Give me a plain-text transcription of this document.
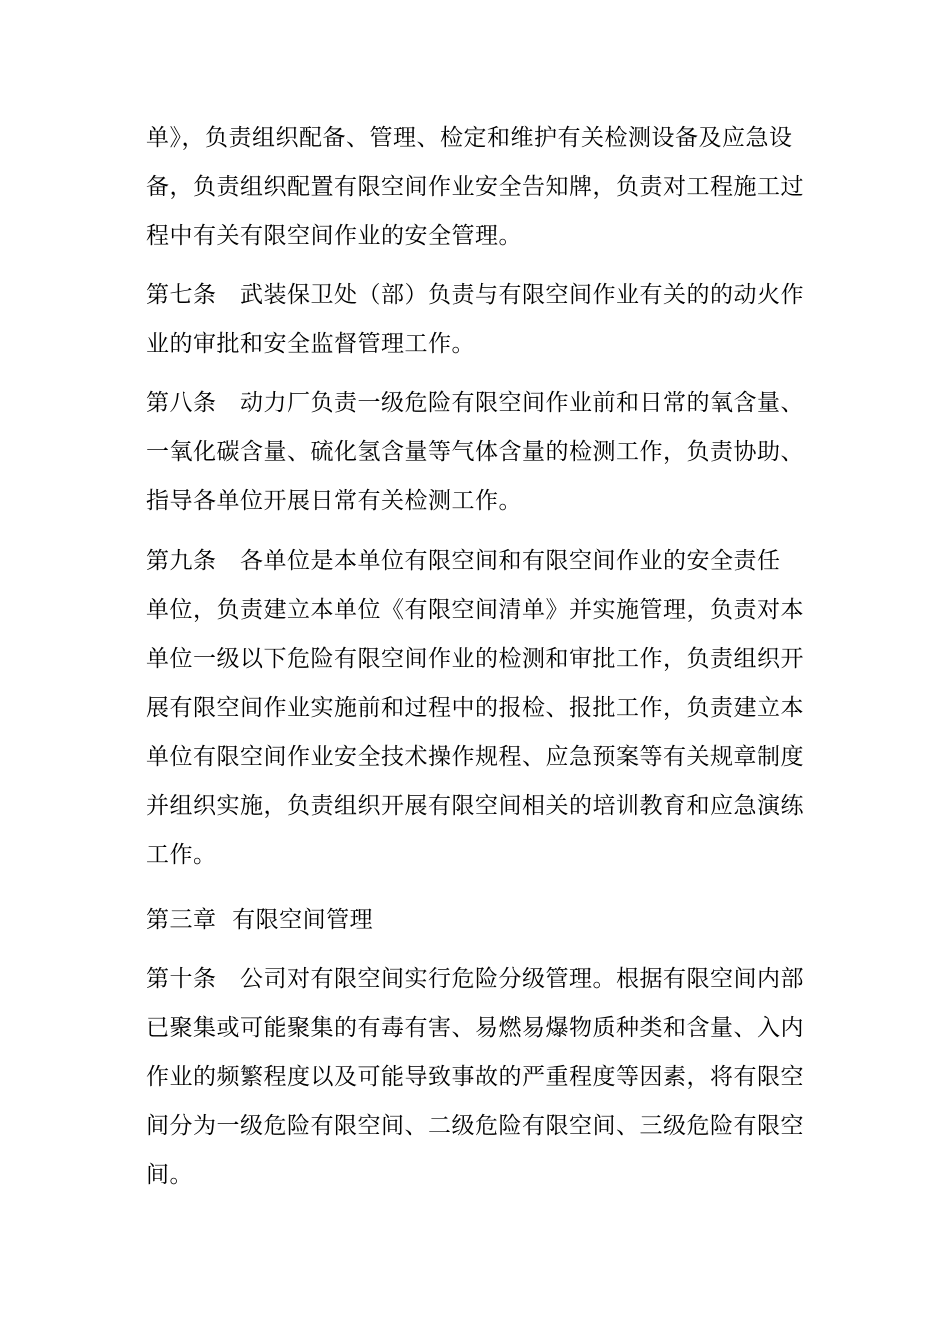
单》，负责组织配备、管理、检定和维护有关检测设备及应急设
备，负责组织配置有限空间作业安全告知牌，负责对工程施工过
程中有关有限空间作业的安全管理。

第七条　武装保卫处（部）负责与有限空间作业有关的的动火作
业的审批和安全监督管理工作。

第八条　动力厂负责一级危险有限空间作业前和日常的氧含量、
一氧化碳含量、硫化氢含量等气体含量的检测工作，负责协助、
指导各单位开展日常有关检测工作。

第九条　各单位是本单位有限空间和有限空间作业的安全责任
单位，负责建立本单位《有限空间清单》并实施管理，负责对本
单位一级以下危险有限空间作业的检测和审批工作，负责组织开
展有限空间作业实施前和过程中的报检、报批工作，负责建立本
单位有限空间作业安全技术操作规程、应急预案等有关规章制度
并组织实施，负责组织开展有限空间相关的培训教育和应急演练
工作。

第三章  有限空间管理

第十条　公司对有限空间实行危险分级管理。根据有限空间内部
已聚集或可能聚集的有毒有害、易燃易爆物质种类和含量、入内
作业的频繁程度以及可能导致事故的严重程度等因素，将有限空
间分为一级危险有限空间、二级危险有限空间、三级危险有限空
间。
